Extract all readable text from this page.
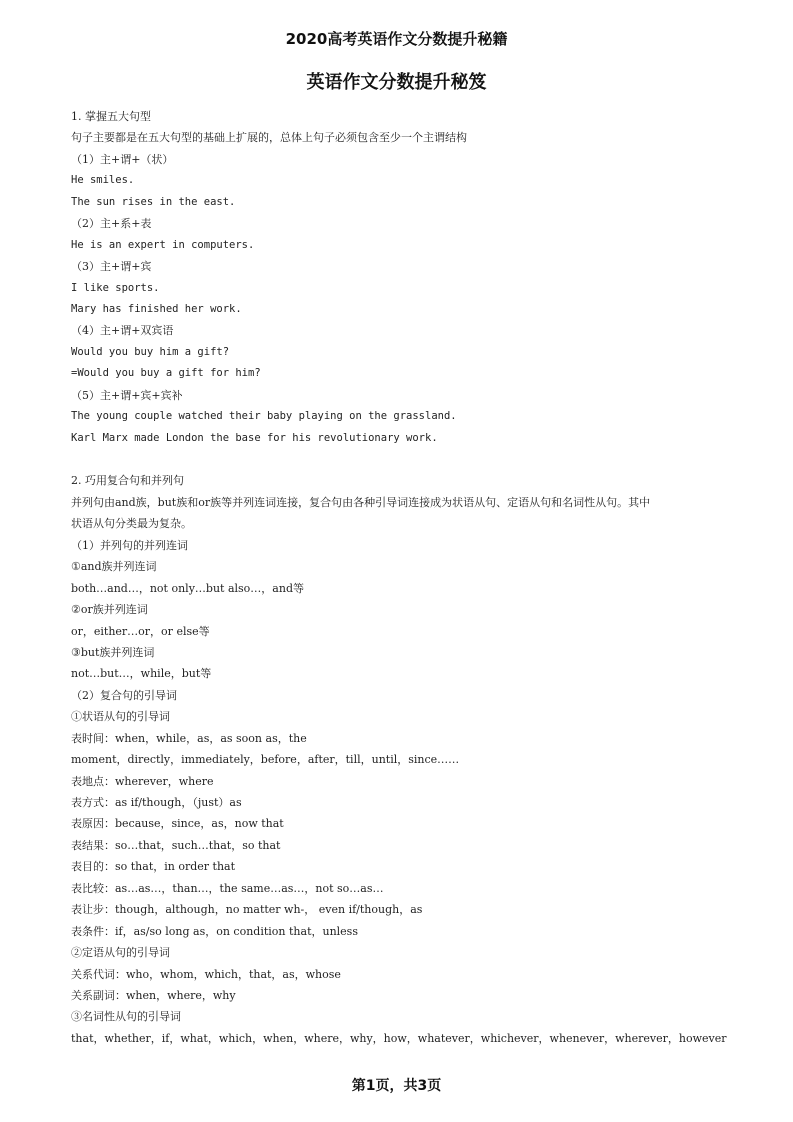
2020高考英语作文分数提升秘籍
英语作文分数提升秘笈
1. 掌握五大句型
句子主要都是在五大句型的基础上扩展的，总体上句子必须包含至少一个主谓结构
（1）主+谓+（状）
He smiles.
The sun rises in the east.
（2）主+系+表
He is an expert in computers.
（3）主+谓+宾
I like sports.
Mary has finished her work.
（4）主+谓+双宾语
Would you buy him a gift?
=Would you buy a gift for him?
（5）主+谓+宾+宾补
The young couple watched their baby playing on the grassland.
Karl Marx made London the base for his revolutionary work.
2. 巧用复合句和并列句
并列句由and族，but族和or族等并列连词连接，复合句由各种引导词连接成为状语从句、定语从句和名词性从句。其中
状语从句分类最为复杂。
（1）并列句的并列连词
①and族并列连词
both…and…，not only…but also…，and等
②or族并列连词
or，either…or，or else等
③but族并列连词
not…but…，while，but等
（2）复合句的引导词
①状语从句的引导词
表时间：when，while，as，as soon as，the
moment，directly，immediately，before，after，till，until，since……
表地点：wherever，where
表方式：as if/though，（just）as
表原因：because，since，as，now that
表结果：so…that，such…that，so that
表目的：so that，in order that
表比较：as…as…，than…，the same…as…，not so…as…
表让步：though，although，no matter wh-， even if/though，as
表条件：if，as/so long as，on condition that，unless
②定语从句的引导词
关系代词：who，whom，which，that，as，whose
关系副词：when，where，why
③名词性从句的引导词
that，whether，if，what，which，when，where，why，how，whatever，whichever，whenever，wherever，however
第1页，共3页
